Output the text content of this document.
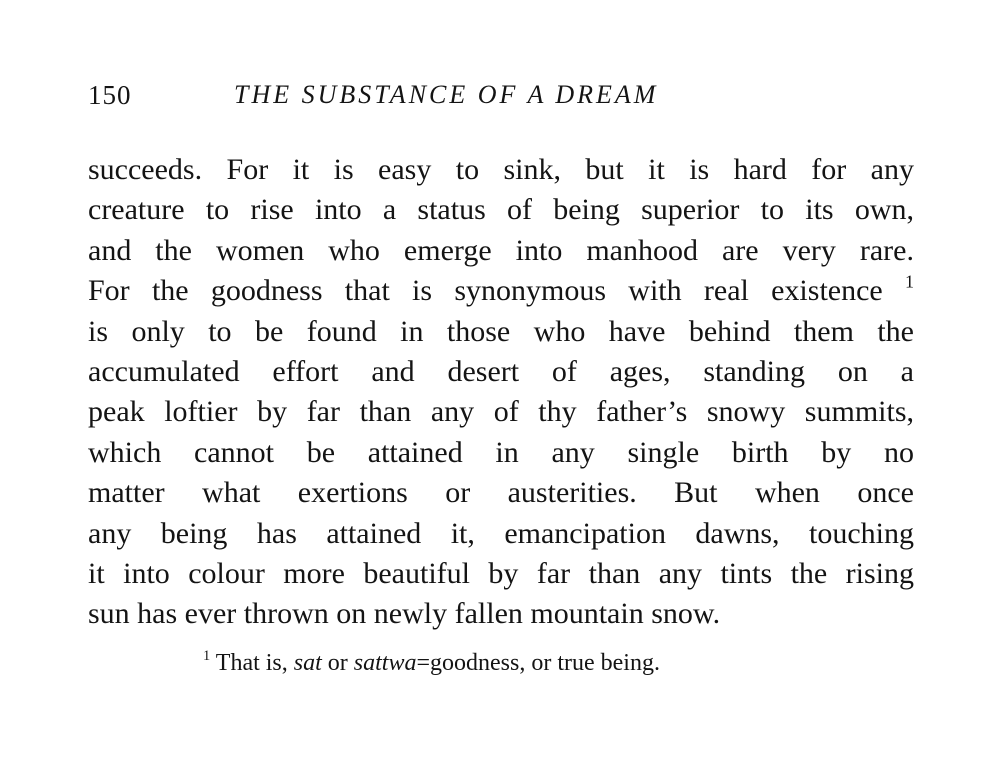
150	THE SUBSTANCE OF A DREAM
succeeds. For it is easy to sink, but it is hard for any
creature to rise into a status of being superior to its own,
and the women who emerge into manhood are very rare.
For the goodness that is synonymous with real existence $^1$
is only to be found in those who have behind them the
accumulated effort and desert of ages, standing on a
peak loftier by far than any of thy father’s snowy summits,
which cannot be attained in any single birth by no
matter what exertions or austerities. But when once
any being has attained it, emancipation dawns, touching
it into colour more beautiful by far than any tints the rising
sun has ever thrown on newly fallen mountain snow.
$^1$ That is, sat or sattwa=goodness, or true being.
